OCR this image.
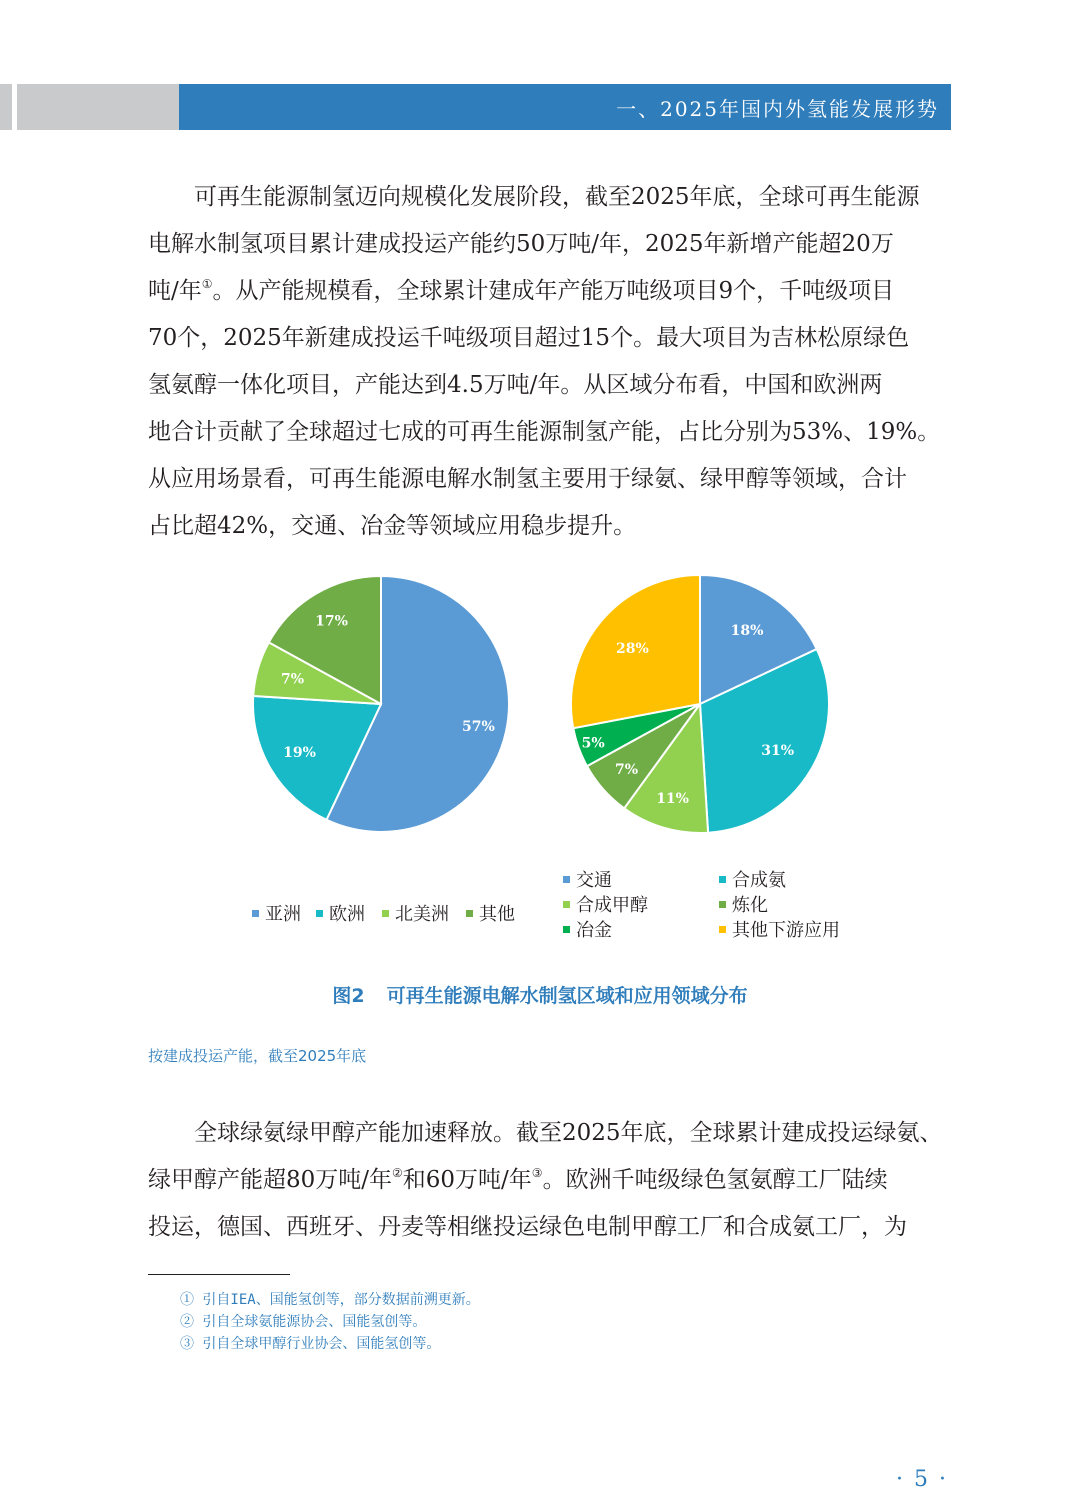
一、2025年国内外氢能发展形势

可再生能源制氢迈向规模化发展阶段，截至2025年底，全球可再生能源
电解水制氢项目累计建成投运产能约50万吨/年，2025年新增产能超20万
吨/年①。从产能规模看，全球累计建成年产能万吨级项目9个，千吨级项目
70个，2025年新建成投运千吨级项目超过15个。最大项目为吉林松原绿色
氢氨醇一体化项目，产能达到4.5万吨/年。从区域分布看，中国和欧洲两
地合计贡献了全球超过七成的可再生能源制氢产能，占比分别为53%、19%。
从应用场景看，可再生能源电解水制氢主要用于绿氨、绿甲醇等领域，合计
占比超42%，交通、冶金等领域应用稳步提升。

57%
19%
7%
17%
18%
31%
11%
7%
5%
28%
亚洲 欧洲 北美洲 其他
交通	合成氨
合成甲醇	炼化
冶金	其他下游应用
图2 可再生能源电解水制氢区域和应用领域分布
按建成投运产能，截至2025年底

全球绿氨绿甲醇产能加速释放。截至2025年底，全球累计建成投运绿氨、
绿甲醇产能超80万吨/年②和60万吨/年③。欧洲千吨级绿色氢氨醇工厂陆续
投运，德国、西班牙、丹麦等相继投运绿色电制甲醇工厂和合成氨工厂，为

① 引自IEA、国能氢创等，部分数据前溯更新。
② 引自全球氨能源协会、国能氢创等。
③ 引自全球甲醇行业协会、国能氢创等。
· 5 ·
